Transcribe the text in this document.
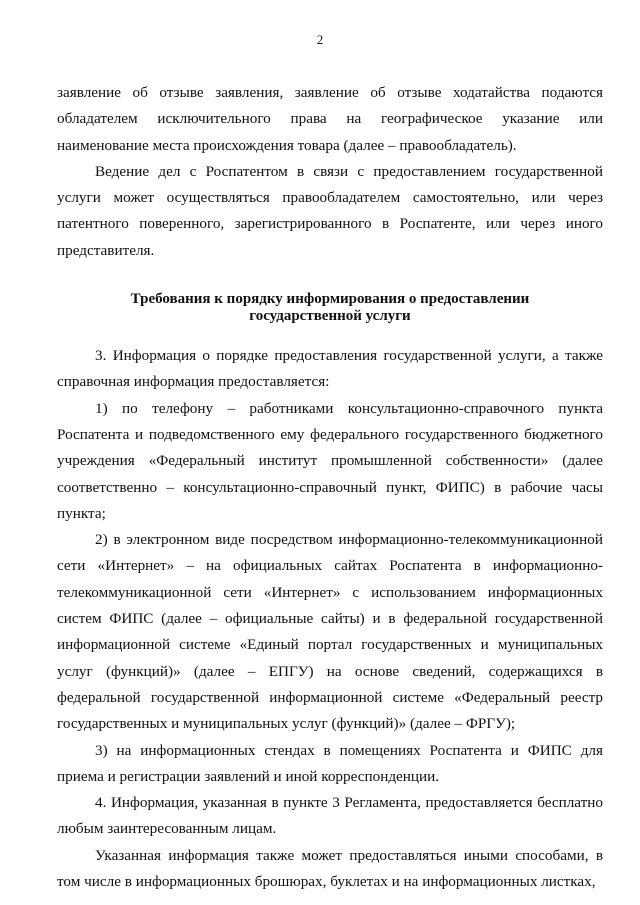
2

заявление об отзыве заявления, заявление об отзыве ходатайства подаются обладателем исключительного права на географическое указание или наименование места происхождения товара (далее – правообладатель).

Ведение дел с Роспатентом в связи с предоставлением государственной услуги может осуществляться правообладателем самостоятельно, или через патентного поверенного, зарегистрированного в Роспатенте, или через иного представителя.

Требования к порядку информирования о предоставлении
государственной услуги

3. Информация о порядке предоставления государственной услуги, а также справочная информация предоставляется:

1) по телефону – работниками консультационно-справочного пункта Роспатента и подведомственного ему федерального государственного бюджетного учреждения «Федеральный институт промышленной собственности» (далее соответственно – консультационно-справочный пункт, ФИПС) в рабочие часы пункта;

2) в электронном виде посредством информационно-телекоммуникационной сети «Интернет» – на официальных сайтах Роспатента в информационно-телекоммуникационной сети «Интернет» с использованием информационных систем ФИПС (далее – официальные сайты) и в федеральной государственной информационной системе «Единый портал государственных и муниципальных услуг (функций)» (далее – ЕПГУ) на основе сведений, содержащихся в федеральной государственной информационной системе «Федеральный реестр государственных и муниципальных услуг (функций)» (далее – ФРГУ);

3) на информационных стендах в помещениях Роспатента и ФИПС для приема и регистрации заявлений и иной корреспонденции.

4. Информация, указанная в пункте 3 Регламента, предоставляется бесплатно любым заинтересованным лицам.

Указанная информация также может предоставляться иными способами, в том числе в информационных брошюрах, буклетах и на информационных листках,
